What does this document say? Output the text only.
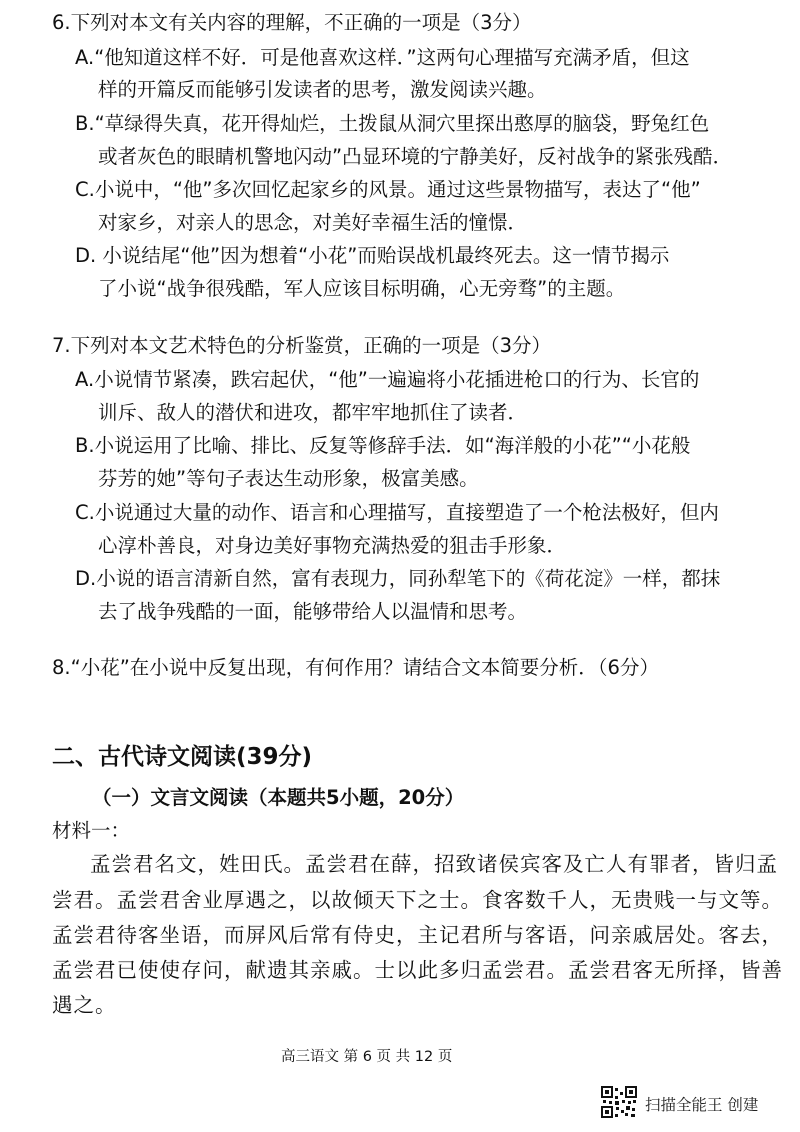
6.下列对本文有关内容的理解，不正确的一项是（3分）
A.“他知道这样不好．可是他喜欢这样．”这两句心理描写充满矛盾，但这
样的开篇反而能够引发读者的思考，激发阅读兴趣。
B.“草绿得失真，花开得灿烂，土拨鼠从洞穴里探出憨厚的脑袋，野兔红色
或者灰色的眼睛机警地闪动”凸显环境的宁静美好，反衬战争的紧张残酷．
C.小说中，“他”多次回忆起家乡的风景。通过这些景物描写，表达了“他”
对家乡，对亲人的思念，对美好幸福生活的憧憬．
D. 小说结尾“他”因为想着“小花”而贻误战机最终死去。这一情节揭示
了小说“战争很残酷，军人应该目标明确，心无旁骛”的主题。
7.下列对本文艺术特色的分析鉴赏，正确的一项是（3分）
A.小说情节紧凑，跌宕起伏，“他”一遍遍将小花插进枪口的行为、长官的
训斥、敌人的潜伏和进攻，都牢牢地抓住了读者．
B.小说运用了比喻、排比、反复等修辞手法．如“海洋般的小花”“小花般
芬芳的她”等句子表达生动形象，极富美感。
C.小说通过大量的动作、语言和心理描写，直接塑造了一个枪法极好，但内
心淳朴善良，对身边美好事物充满热爱的狙击手形象．
D.小说的语言清新自然，富有表现力，同孙犁笔下的《荷花淀》一样，都抹
去了战争残酷的一面，能够带给人以温情和思考。
8.“小花”在小说中反复出现，有何作用？请结合文本简要分析．（6分）
二、古代诗文阅读(39分)
（一）文言文阅读（本题共5小题，20分）
材料一：
孟尝君名文，姓田氏。孟尝君在薛，招致诸侯宾客及亡人有罪者，皆归孟
尝君。孟尝君舍业厚遇之，以故倾天下之士。食客数千人，无贵贱一与文等。
孟尝君待客坐语，而屏风后常有侍史，主记君所与客语，问亲戚居处。客去，
孟尝君已使使存问，献遗其亲戚。士以此多归孟尝君。孟尝君客无所择，皆善
遇之。
高三语文 第 6 页 共 12 页
扫描全能王 创建
